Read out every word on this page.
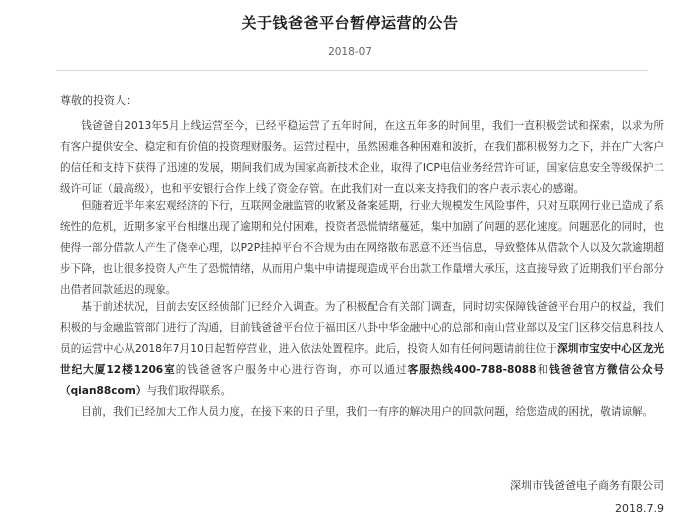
关于钱爸爸平台暂停运营的公告
2018-07
尊敬的投资人：

钱爸爸自2013年5月上线运营至今，已经平稳运营了五年时间，在这五年多的时间里，我们一直积极尝试和探索，以求为所有客户提供安全、稳定和有价值的投资理财服务。运营过程中，虽然困难各种困难和波折，在我们都积极努力之下，并在广大客户的信任和支持下获得了迅速的发展，期间我们成为国家高新技术企业，取得了ICP电信业务经营许可证，国家信息安全等级保护二级许可证（最高级），也和平安银行合作上线了资金存管。在此我们对一直以来支持我们的客户表示衷心的感谢。

但随着近半年来宏观经济的下行，互联网金融监管的收紧及备案延期，行业大规模发生风险事件，只对互联网行业已造成了系统性的危机，近期多家平台相继出现了逾期和兑付困难，投资者恐慌情绪蔓延，集中加剧了问题的恶化速度。问题恶化的同时，也使得一部分借款人产生了侥幸心理，以P2P挂掉平台不合规为由在网络散布恶意不还当信息，导致整体从借款个人以及欠款逾期超步下降，也让很多投资人产生了恐慌情绪，从而用户集中申请提现造成平台出款工作量增大承压，这直接导致了近期我们平台部分出借者回款延迟的现象。

基于前述状况，目前去安区经侦部门已经介入调查。为了积极配合有关部门调查，同时切实保障钱爸爸平台用户的权益，我们积极的与金融监管部门进行了沟通，目前钱爸爸平台位于福田区八卦中华金融中心的总部和南山营业部以及宝门区移交信息科技人员的运营中心从2018年7月10日起暂停营业，进入依法处置程序。此后，投资人如有任何问题请前往位于深圳市宝安中心区龙光世纪大厦12楼1206室的钱爸爸客户服务中心进行咨询，亦可以通过客服热线400-788-8088和钱爸爸官方微信公众号（qian88com）与我们取得联系。

目前，我们已经加大工作人员力度，在接下来的日子里，我们一有序的解决用户的回款问题，给您造成的困扰，敬请谅解。

深圳市钱爸爸电子商务有限公司
2018.7.9
